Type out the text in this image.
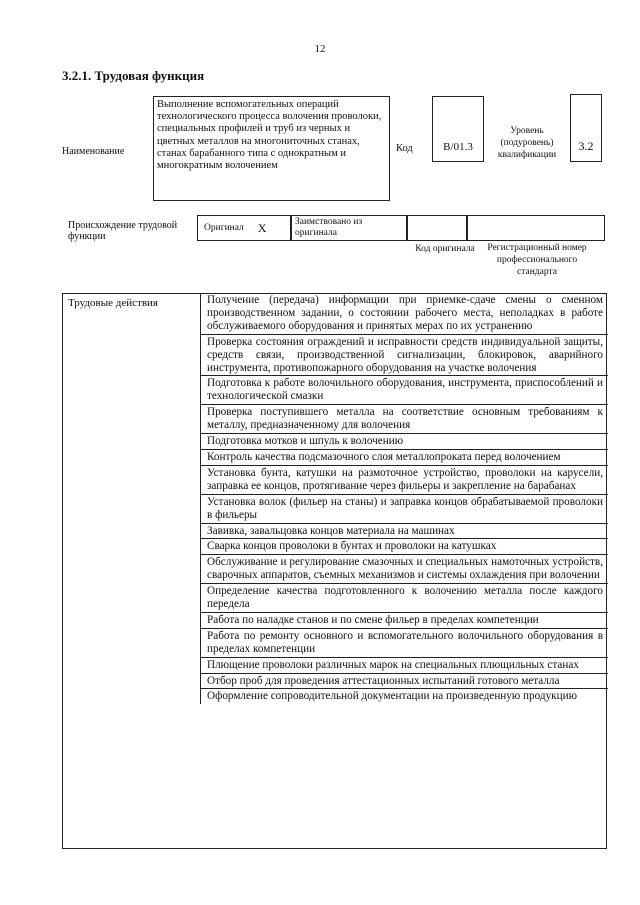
12
3.2.1. Трудовая функция
Наименование
Выполнение вспомогательных операций технологического процесса волочения проволоки, специальных профилей и труб из черных и цветных металлов на многониточных станах, станах барабанного типа с однократным и многократным волочением
Код	B/01.3
Уровень (подуровень) квалификации
3.2
Происхождение трудовой функции
Оригинал X	Заимствовано из оригинала
Код оригинала	Регистрационный номер профессионального стандарта
Трудовые действия	Получение (передача) информации при приемке-сдаче смены о сменном производственном задании, о состоянии рабочего места, неполадках в работе обслуживаемого оборудования и принятых мерах по их устранению
Проверка состояния ограждений и исправности средств индивидуальной защиты, средств связи, производственной сигнализации, блокировок, аварийного инструмента, противопожарного оборудования на участке волочения
Подготовка к работе волочильного оборудования, инструмента, приспособлений и технологической смазки
Проверка поступившего металла на соответствие основным требованиям к металлу, предназначенному для волочения
Подготовка мотков и шпуль к волочению
Контроль качества подсмазочного слоя металлопроката перед волочением
Установка бунта, катушки на размоточное устройство, проволоки на карусели, заправка ее концов, протягивание через фильеры и закрепление на барабанах
Установка волок (фильер на станы) и заправка концов обрабатываемой проволоки в фильеры
Завивка, завальцовка концов материала на машинах
Сварка концов проволоки в бунтах и проволоки на катушках
Обслуживание и регулирование смазочных и специальных намоточных устройств, сварочных аппаратов, съемных механизмов и системы охлаждения при волочении
Определение качества подготовленного к волочению металла после каждого передела
Работа по наладке станов и по смене фильер в пределах компетенции
Работа по ремонту основного и вспомогательного волочильного оборудования в пределах компетенции
Плющение проволоки различных марок на специальных плющильных станах
Отбор проб для проведения аттестационных испытаний готового металла
Оформление сопроводительной документации на произведенную продукцию
